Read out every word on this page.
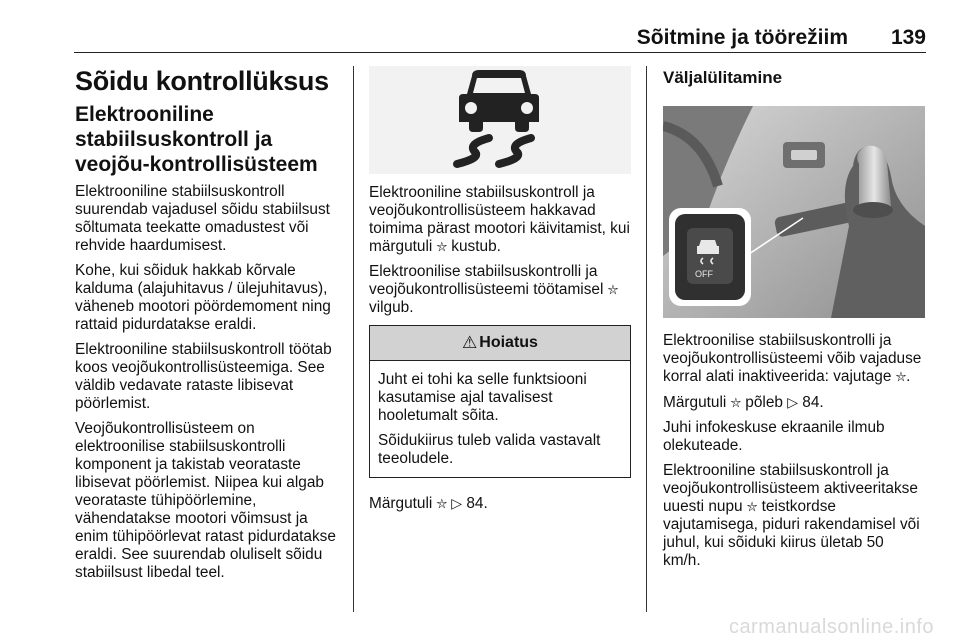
Sõitmine ja töörežiim 139
Sõidu kontrollüksus
Elektrooniline stabiilsuskontroll ja veojõu-kontrollisüsteem

Elektrooniline stabiilsuskontroll suurendab vajadusel sõidu stabiilsust sõltumata teekatte omadustest või rehvide haardumisest.

Kohe, kui sõiduk hakkab kõrvale kalduma (alajuhitavus / ülejuhitavus), väheneb mootori pöördemoment ning rattaid pidurdatakse eraldi.

Elektrooniline stabiilsuskontroll töötab koos veojõukontrollisüsteemiga. See väldib vedavate rataste libisevat pöörlemist.

Veojõukontrollisüsteem on elektroonilise stabiilsuskontrolli komponent ja takistab veorataste libisevat pöörlemist. Niipea kui algab veorataste tühipöörlemine, vähendatakse mootori võimsust ja enim tühipöörlevat ratast pidurdatakse eraldi. See suurendab oluliselt sõidu stabiilsust libedal teel.

Elektrooniline stabiilsuskontroll ja veojõukontrollisüsteem hakkavad toimima pärast mootori käivitamist, kui märgutuli ⛦ kustub.

Elektroonilise stabiilsuskontrolli ja veojõukontrollisüsteemi töötamisel ⛦ vilgub.

⚠ Hoiatus

Juht ei tohi ka selle funktsiooni kasutamise ajal tavalisest hooletumalt sõita.

Sõidukiirus tuleb valida vastavalt teeoludele.

Märgutuli ⛦ ▷ 84.

Väljalülitamine
OFF

Elektroonilise stabiilsuskontrolli ja veojõukontrollisüsteemi võib vajaduse korral alati inaktiveerida: vajutage ⛦.

Märgutuli ⛦ põleb ▷ 84.

Juhi infokeskuse ekraanile ilmub olekuteade.

Elektrooniline stabiilsuskontroll ja veojõukontrollisüsteem aktiveeritakse uuesti nupu ⛦ teistkordse vajutamisega, piduri rakendamisel või juhul, kui sõiduki kiirus ületab 50 km/h.

carmanualsonline.info
